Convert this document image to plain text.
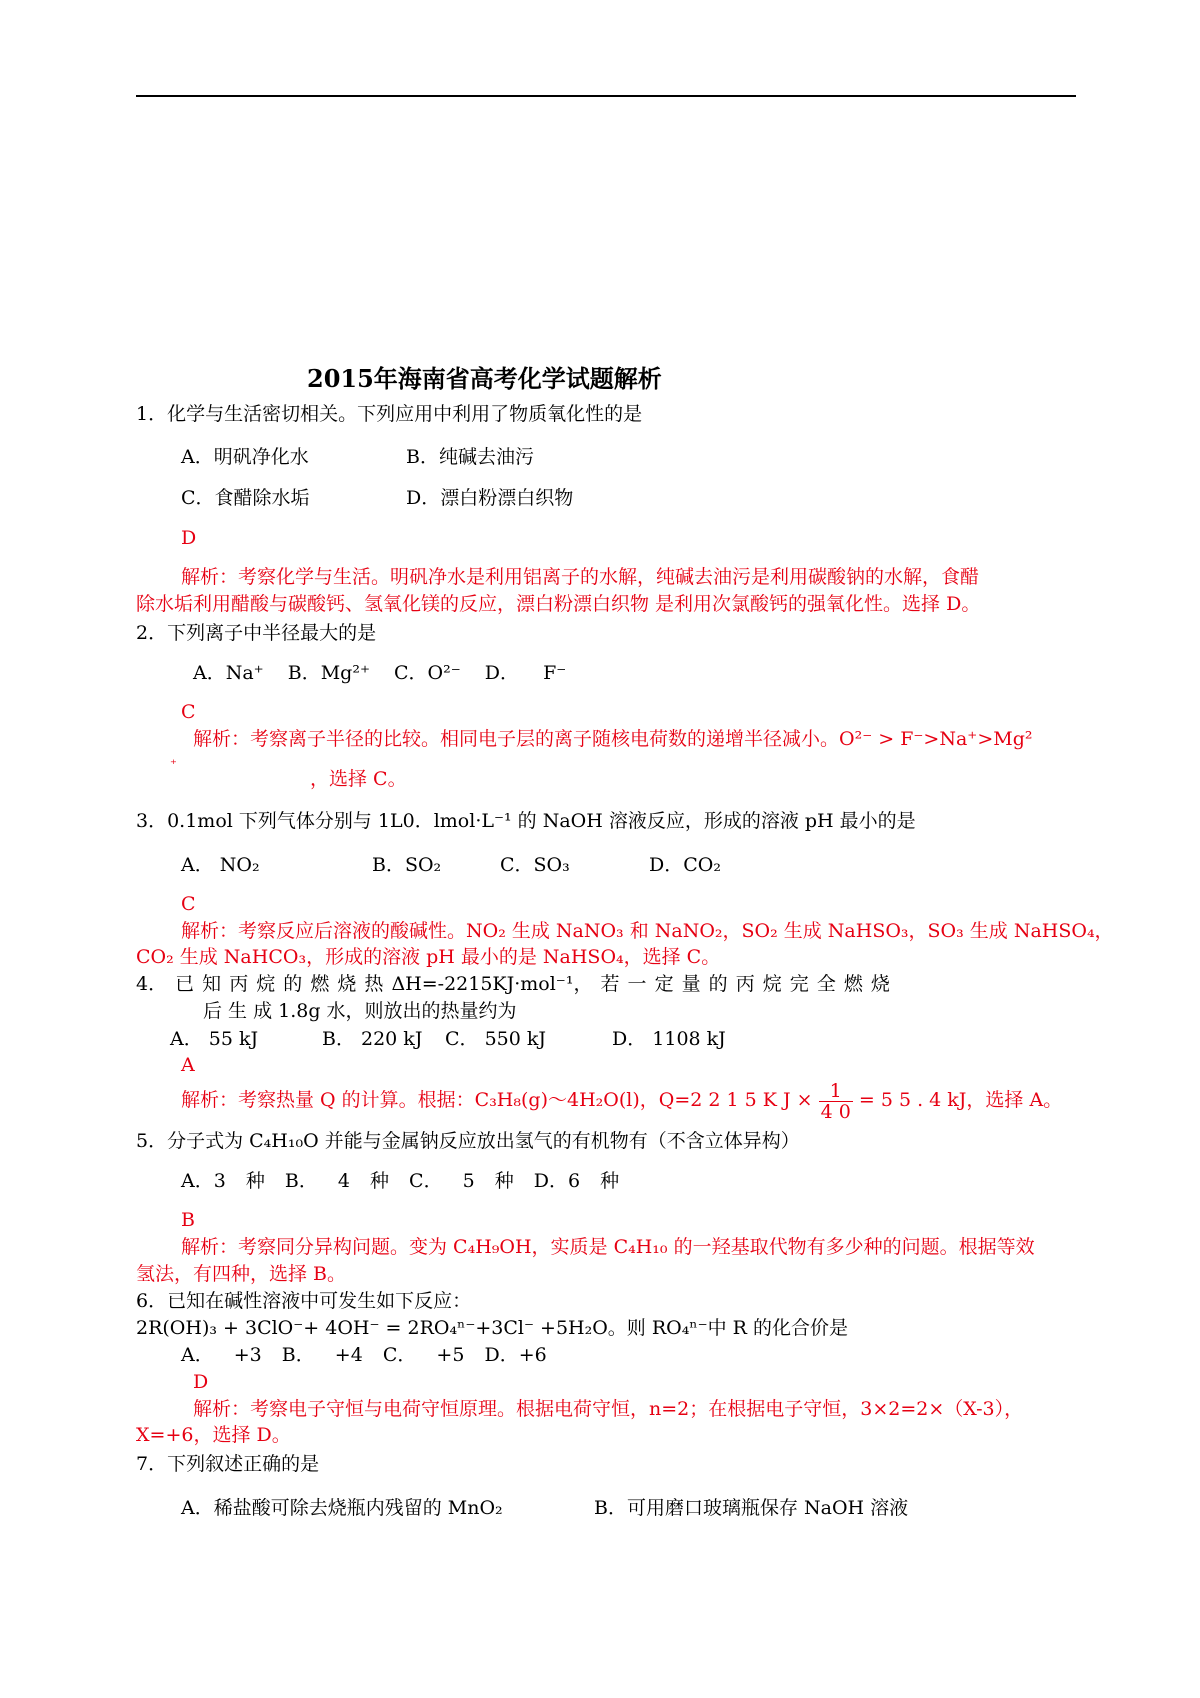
2015年海南省高考化学试题解析
1．化学与生活密切相关。下列应用中利用了物质氧化性的是
A．明矾净化水	B．纯碱去油污
C．食醋除水垢	D．漂白粉漂白织物
D
解析：考察化学与生活。明矾净水是利用铝离子的水解，纯碱去油污是利用碳酸钠的水解，食醋
除水垢利用醋酸与碳酸钙、氢氧化镁的反应，漂白粉漂白织物 是利用次氯酸钙的强氧化性。选择 D。
2．下列离子中半径最大的是
A．Na⁺ B．Mg²⁺ C．O²⁻ D． F⁻
C
解析：考察离子半径的比较。相同电子层的离子随核电荷数的递增半径减小。O²⁻ > F⁻>Na⁺>Mg²
⁺
，选择 C。
3．0.1mol 下列气体分别与 1L0．lmol·L⁻¹ 的 NaOH 溶液反应，形成的溶液 pH 最小的是
A． NO₂	B．SO₂	C．SO₃	D．CO₂
C
解析：考察反应后溶液的酸碱性。NO₂ 生成 NaNO₃ 和 NaNO₂，SO₂ 生成 NaHSO₃，SO₃ 生成 NaHSO₄，
CO₂ 生成 NaHCO₃，形成的溶液 pH 最小的是 NaHSO₄，选择 C。
4． 已 知 丙 烷 的 燃 烧 热 ΔH=-2215KJ·mol⁻¹， 若 一 定 量 的 丙 烷 完 全 燃 烧
后 生 成 1.8g 水，则放出的热量约为
A． 55 kJ	B． 220 kJ C． 550 kJ	D． 1108 kJ
A
解析：考察热量 Q 的计算。根据：C₃H₈(g)～4H₂O(l)，Q=2 2 1 5 K $J \times \frac{1}{4 0} = 5$ 5 . 4 kJ，选择 A。
5．分子式为 C₄H₁₀O 并能与金属钠反应放出氢气的有机物有（不含立体异构）
A．3 种 B． 4 种 C． 5 种 D．6 种
B
解析：考察同分异构问题。变为 C₄H₉OH，实质是 C₄H₁₀ 的一羟基取代物有多少种的问题。根据等效
氢法，有四种，选择 B。
6．已知在碱性溶液中可发生如下反应：
2R(OH)₃ + 3ClO⁻+ 4OH⁻ = 2RO₄ⁿ⁻+3Cl⁻ +5H₂O。则 RO₄ⁿ⁻中 R 的化合价是
A． +3 B． +4 C． +5 D．+6
D
解析：考察电子守恒与电荷守恒原理。根据电荷守恒，n=2；在根据电子守恒，3×2=2×（X-3），
X=+6，选择 D。
7．下列叙述正确的是
A．稀盐酸可除去烧瓶内残留的 MnO₂	B．可用磨口玻璃瓶保存 NaOH 溶液
